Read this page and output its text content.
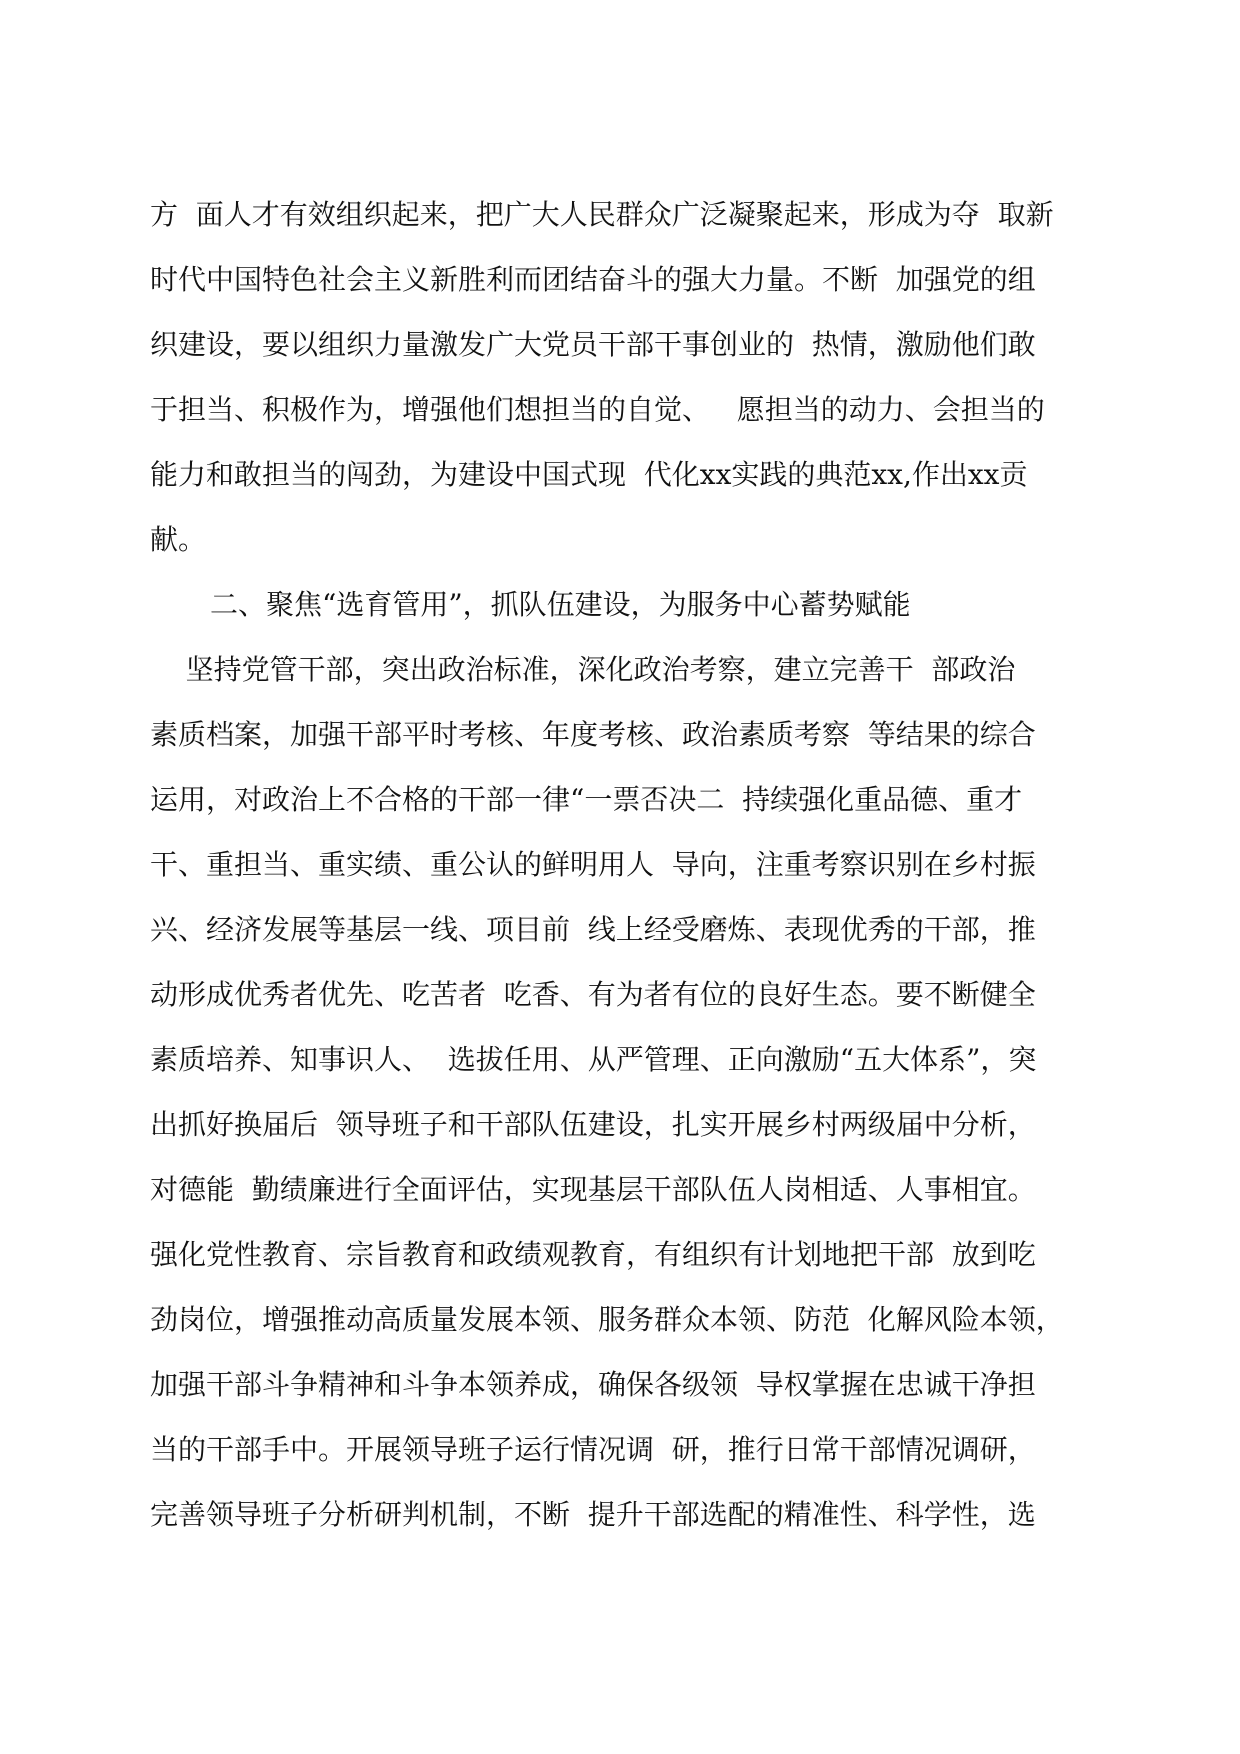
方  面人才有效组织起来，把广大人民群众广泛凝聚起来，形成为夺  取新
时代中国特色社会主义新胜利而团结奋斗的强大力量。不断  加强党的组
织建设，要以组织力量激发广大党员干部干事创业的  热情，激励他们敢
于担当、积极作为，增强他们想担当的自觉、   愿担当的动力、会担当的
能力和敢担当的闯劲，为建设中国式现  代化xx实践的典范xx,作出xx贡
献。
二、聚焦“选育管用”，抓队伍建设，为服务中心蓄势赋能
坚持党管干部，突出政治标准，深化政治考察，建立完善干  部政治
素质档案，加强干部平时考核、年度考核、政治素质考察  等结果的综合
运用，对政治上不合格的干部一律“一票否决二  持续强化重品德、重才
干、重担当、重实绩、重公认的鲜明用人  导向，注重考察识别在乡村振
兴、经济发展等基层一线、项目前  线上经受磨炼、表现优秀的干部，推
动形成优秀者优先、吃苦者  吃香、有为者有位的良好生态。要不断健全
素质培养、知事识人、  选拔任用、从严管理、正向激励“五大体系”，突
出抓好换届后  领导班子和干部队伍建设，扎实开展乡村两级届中分析，
对德能  勤绩廉进行全面评估，实现基层干部队伍人岗相适、人事相宜。
强化党性教育、宗旨教育和政绩观教育，有组织有计划地把干部  放到吃
劲岗位，增强推动高质量发展本领、服务群众本领、防范  化解风险本领，
加强干部斗争精神和斗争本领养成，确保各级领  导权掌握在忠诚干净担
当的干部手中。开展领导班子运行情况调  研，推行日常干部情况调研，
完善领导班子分析研判机制，不断  提升干部选配的精准性、科学性，选
